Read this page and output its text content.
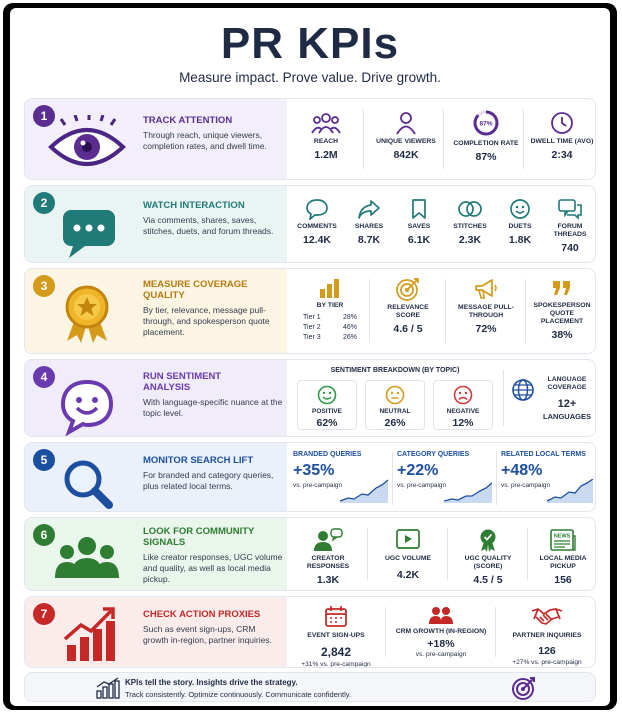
PR KPIs
Measure impact. Prove value. Drive growth.
1	TRACK ATTENTION
Through reach, unique viewers, completion rates, and dwell time.	REACH
1.2M
UNIQUE VIEWERS
842K
87%
COMPLETION RATE
87%
DWELL TIME (AVG)
2:34
2	WATCH INTERACTION
Via comments, shares, saves, stitches, duets, and forum threads.	COMMENTS
12.4K
SHARES
8.7K
SAVES
6.1K
STITCHES
2.3K
DUETS
1.8K
FORUM THREADS
740
3	MEASURE COVERAGE QUALITY
By tier, relevance, message pull-through, and spokesperson quote placement.
BY TIER
Tier 1	28%
Tier 2	46%
Tier 3	26%
RELEVANCE SCORE
4.6 / 5
MESSAGE PULL-THROUGH
72%
SPOKESPERSON QUOTE PLACEMENT
38%
4	RUN SENTIMENT ANALYSIS
With language-specific nuance at the topic level.
SENTIMENT BREAKDOWN (BY TOPIC)
POSITIVE
62%
NEUTRAL
26%
NEGATIVE
12%
LANGUAGE COVERAGE
12+
LANGUAGES
5	MONITOR SEARCH LIFT
For branded and category queries, plus related local terms.
BRANDED QUERIES
+35%
vs. pre-campaign
CATEGORY QUERIES
+22%
vs. pre-campaign
RELATED LOCAL TERMS
+48%
vs. pre-campaign
6	LOOK FOR COMMUNITY SIGNALS
Like creator responses, UGC volume and quality, as well as local media pickup.
CREATOR RESPONSES
1.3K
UGC VOLUME
4.2K
UGC QUALITY (SCORE)
4.5 / 5
NEWS
LOCAL MEDIA PICKUP
156
7	CHECK ACTION PROXIES
Such as event sign-ups, CRM growth in-region, partner inquiries.	EVENT SIGN-UPS
2,842
+31% vs. pre-campaign
CRM GROWTH (IN-REGION)
+18%
vs. pre-campaign
PARTNER INQUIRIES
126
+27% vs. pre-campaign
KPIs tell the story. Insights drive the strategy.
Track consistently. Optimize continuously. Communicate confidently.
